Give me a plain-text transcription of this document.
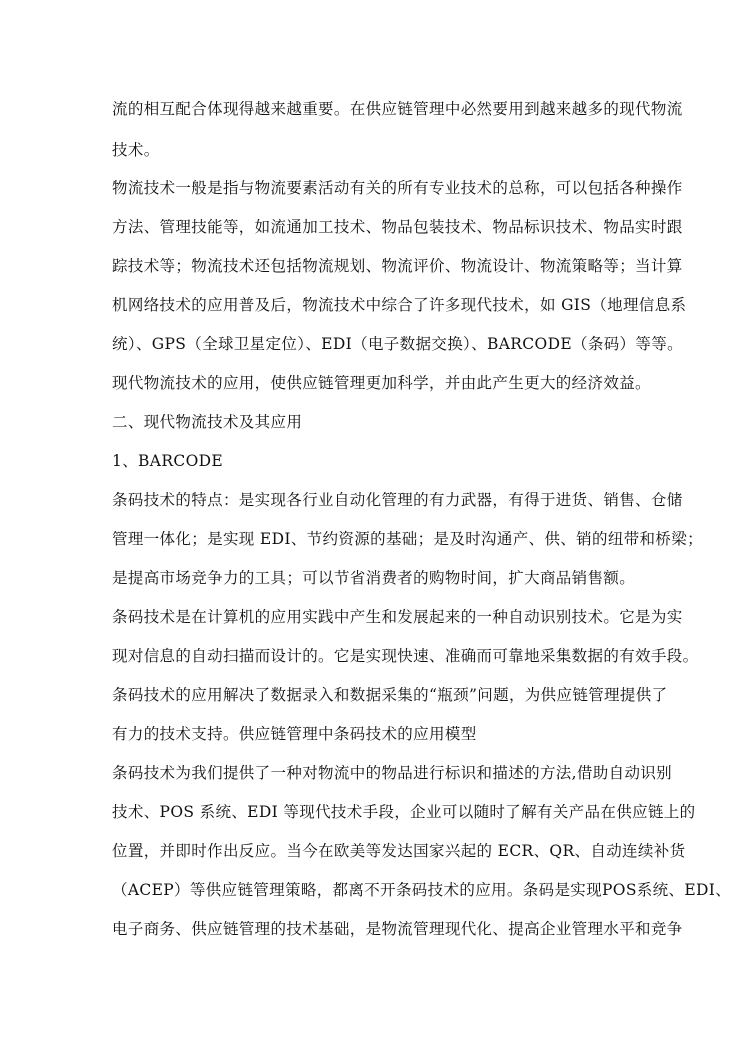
流的相互配合体现得越来越重要。在供应链管理中必然要用到越来越多的现代物流
技术。
物流技术一般是指与物流要素活动有关的所有专业技术的总称，可以包括各种操作
方法、管理技能等，如流通加工技术、物品包装技术、物品标识技术、物品实时跟
踪技术等；物流技术还包括物流规划、物流评价、物流设计、物流策略等；当计算
机网络技术的应用普及后，物流技术中综合了许多现代技术，如 GIS（地理信息系
统）、GPS（全球卫星定位）、EDI（电子数据交换）、BARCODE（条码）等等。
现代物流技术的应用，使供应链管理更加科学，并由此产生更大的经济效益。
二、现代物流技术及其应用
1、BARCODE
条码技术的特点：是实现各行业自动化管理的有力武器，有得于进货、销售、仓储
管理一体化；是实现 EDI、节约资源的基础；是及时沟通产、供、销的纽带和桥梁；
是提高市场竞争力的工具；可以节省消费者的购物时间，扩大商品销售额。
条码技术是在计算机的应用实践中产生和发展起来的一种自动识别技术。它是为实
现对信息的自动扫描而设计的。它是实现快速、准确而可靠地采集数据的有效手段。
条码技术的应用解决了数据录入和数据采集的“瓶颈”问题，为供应链管理提供了
有力的技术支持。供应链管理中条码技术的应用模型
条码技术为我们提供了一种对物流中的物品进行标识和描述的方法,借助自动识别
技术、POS 系统、EDI 等现代技术手段，企业可以随时了解有关产品在供应链上的
位置，并即时作出反应。当今在欧美等发达国家兴起的 ECR、QR、自动连续补货
（ACEP）等供应链管理策略，都离不开条码技术的应用。条码是实现POS系统、EDI、
电子商务、供应链管理的技术基础，是物流管理现代化、提高企业管理水平和竞争
